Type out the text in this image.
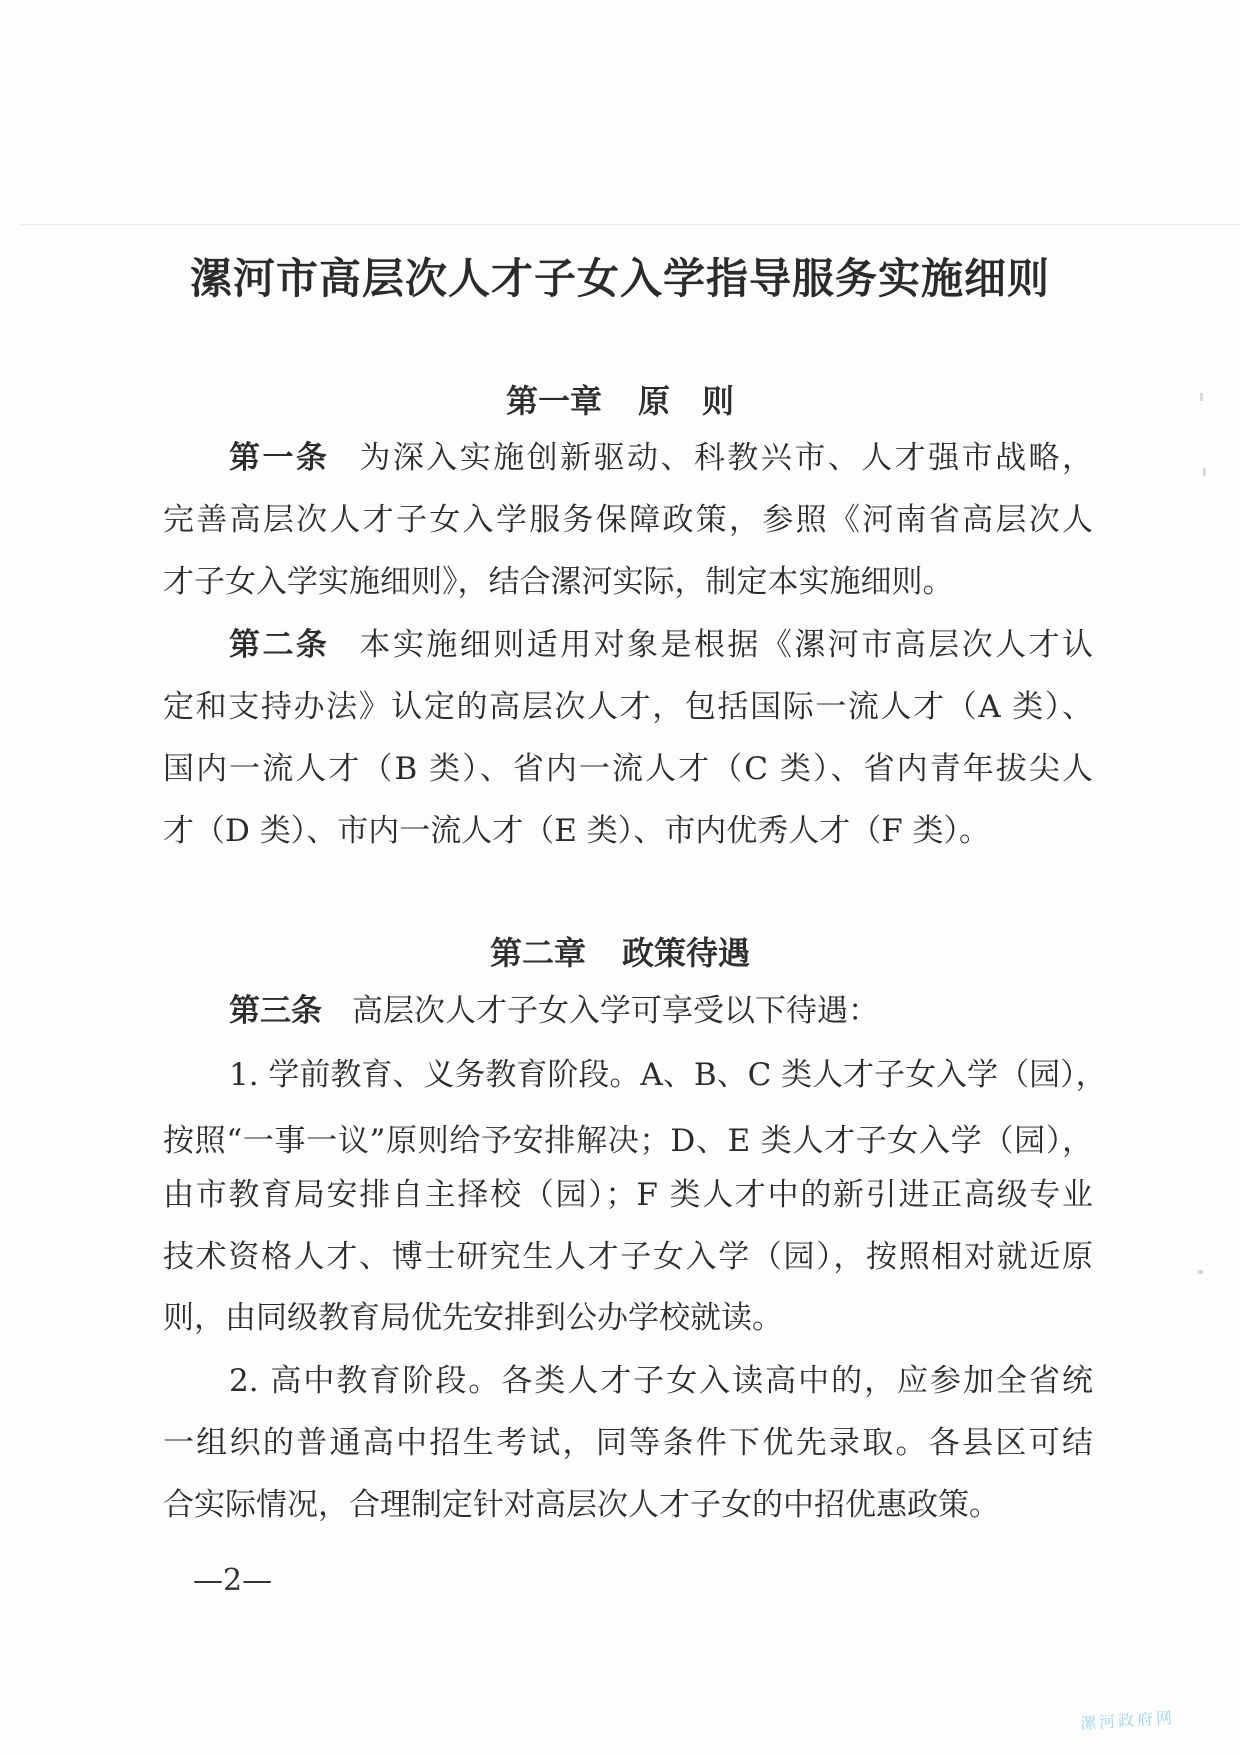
漯河市高层次人才子女入学指导服务实施细则
第一章 原　则
第一条 为深入实施创新驱动、科教兴市、人才强市战略，
完善高层次人才子女入学服务保障政策，参照《河南省高层次人
才子女入学实施细则》，结合漯河实际，制定本实施细则。
第二条 本实施细则适用对象是根据《漯河市高层次人才认
定和支持办法》认定的高层次人才，包括国际一流人才（A 类）、
国内一流人才（B 类）、省内一流人才（C 类）、省内青年拔尖人
才（D 类）、市内一流人才（E 类）、市内优秀人才（F 类）。
第二章 政策待遇
第三条 高层次人才子女入学可享受以下待遇：
1. 学前教育、义务教育阶段。A、B、C 类人才子女入学（园），
按照“一事一议”原则给予安排解决；D、E 类人才子女入学（园），
由市教育局安排自主择校（园）；F 类人才中的新引进正高级专业
技术资格人才、博士研究生人才子女入学（园），按照相对就近原
则，由同级教育局优先安排到公办学校就读。
2. 高中教育阶段。各类人才子女入读高中的，应参加全省统
一组织的普通高中招生考试，同等条件下优先录取。各县区可结
合实际情况，合理制定针对高层次人才子女的中招优惠政策。
—2—
漯河政府网
